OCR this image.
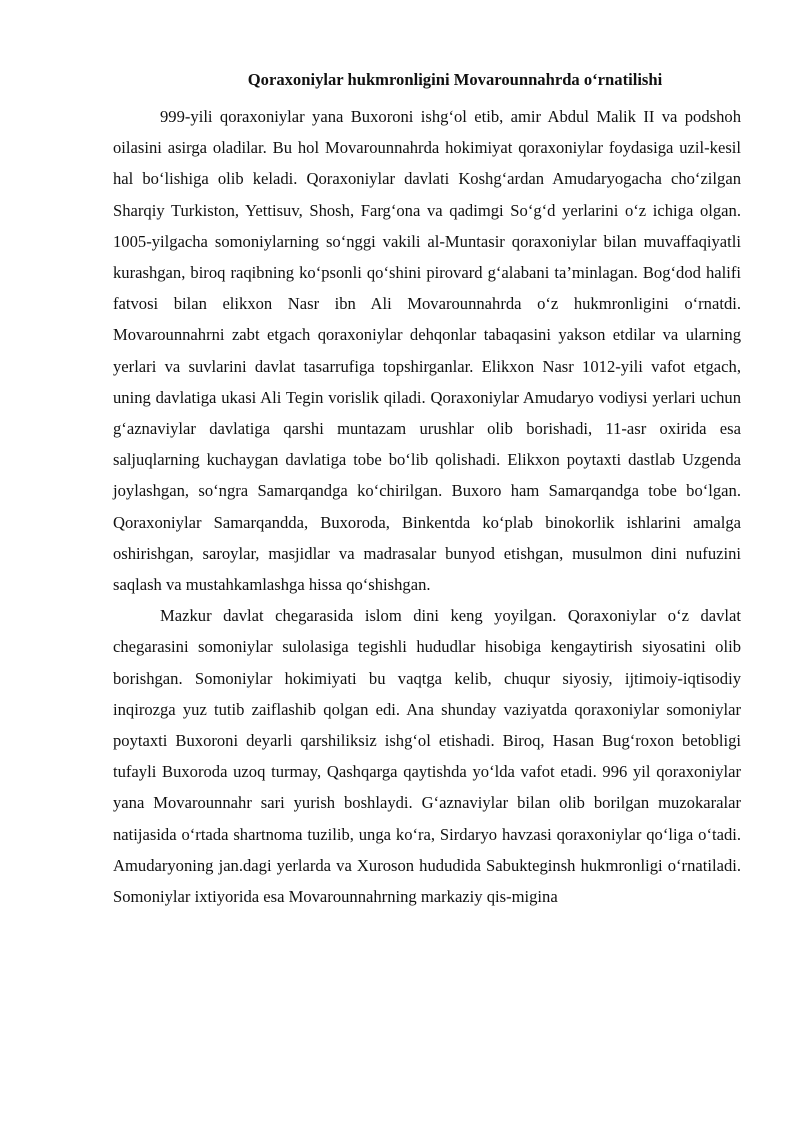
Qoraxoniylar hukmronligini Movarounnahrda o‘rnatilishi

999-yili qoraxoniylar yana Buxoroni ishg‘ol etib, amir Abdul Malik II va podshoh oilasini asirga oladilar. Bu hol Movarounnahrda hokimiyat qoraxoniylar foydasiga uzil-kesil hal bo‘lishiga olib keladi. Qoraxoniylar davlati Koshg‘ardan Amudaryogacha cho‘zilgan Sharqiy Turkiston, Yettisuv, Shosh, Farg‘ona va qadimgi So‘g‘d yerlarini o‘z ichiga olgan. 1005-yilgacha somoniylarning so‘nggi vakili al-Muntasir qoraxoniylar bilan muvaffaqiyatli kurashgan, biroq raqibning ko‘psonli qo‘shini pirovard g‘alabani ta’minlagan. Bog‘dod halifi fatvosi bilan elikxon Nasr ibn Ali Movarounnahrda o‘z hukmronligini o‘rnatdi. Movarounnahrni zabt etgach qoraxoniylar dehqonlar tabaqasini yakson etdilar va ularning yerlari va suvlarini davlat tasarrufiga topshirganlar. Elikxon Nasr 1012-yili vafot etgach, uning davlatiga ukasi Ali Tegin vorislik qiladi. Qoraxoniylar Amudaryo vodiysi yerlari uchun g‘aznaviylar davlatiga qarshi muntazam urushlar olib borishadi, 11-asr oxirida esa saljuqlarning kuchaygan davlatiga tobe bo‘lib qolishadi. Elikxon poytaxti dastlab Uzgenda joylashgan, so‘ngra Samarqandga ko‘chirilgan. Buxoro ham Samarqandga tobe bo‘lgan. Qoraxoniylar Samarqandda, Buxoroda, Binkentda ko‘plab binokorlik ishlarini amalga oshirishgan, saroylar, masjidlar va madrasalar bunyod etishgan, musulmon dini nufuzini saqlash va mustahkamlashga hissa qo‘shishgan.

Mazkur davlat chegarasida islom dini keng yoyilgan. Qoraxoniylar o‘z davlat chegarasini somoniylar sulolasiga tegishli hududlar hisobiga kengaytirish siyosatini olib borishgan. Somoniylar hokimiyati bu vaqtga kelib, chuqur siyosiy, ijtimoiy-iqtisodiy inqirozga yuz tutib zaiflashib qolgan edi. Ana shunday vaziyatda qoraxoniylar somoniylar poytaxti Buxoroni deyarli qarshiliksiz ishg‘ol etishadi. Biroq, Hasan Bug‘roxon betobligi tufayli Buxoroda uzoq turmay, Qashqarga qaytishda yo‘lda vafot etadi. 996 yil qoraxoniylar yana Movarounnahr sari yurish boshlaydi. G‘aznaviylar bilan olib borilgan muzokaralar natijasida o‘rtada shartnoma tuzilib, unga ko‘ra, Sirdaryo havzasi qoraxoniylar qo‘liga o‘tadi. Amudaryoning jan.dagi yerlarda va Xuroson hududida Sabukteginsh hukmronligi o‘rnatiladi. Somoniylar ixtiyorida esa Movarounnahrning markaziy qis-migina
